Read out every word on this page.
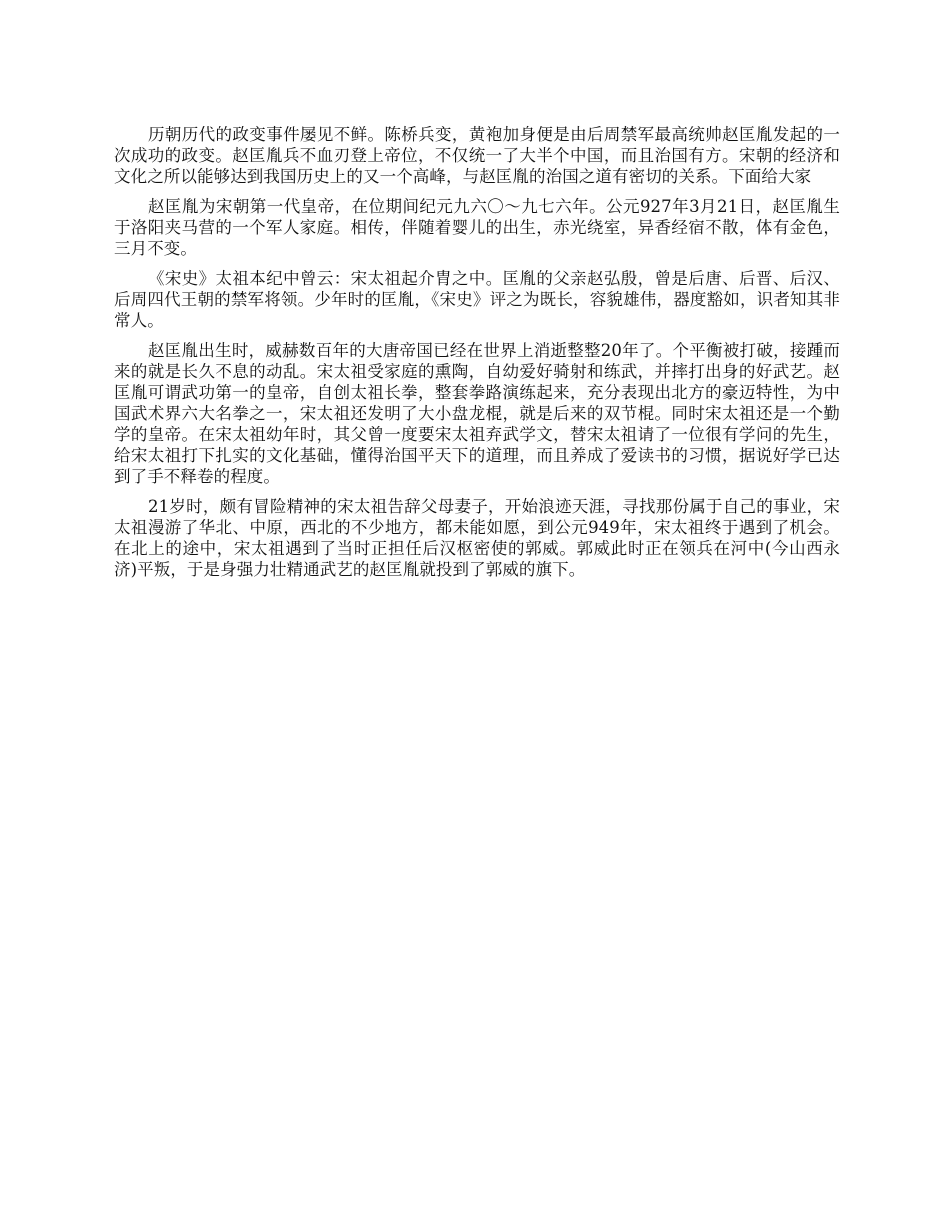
历朝历代的政变事件屡见不鲜。陈桥兵变，黄袍加身便是由后周禁军最高统帅赵匡胤发起的一次成功的政变。赵匡胤兵不血刃登上帝位，不仅统一了大半个中国，而且治国有方。宋朝的经济和文化之所以能够达到我国历史上的又一个高峰，与赵匡胤的治国之道有密切的关系。下面给大家

赵匡胤为宋朝第一代皇帝，在位期间纪元九六〇～九七六年。公元927年3月21日，赵匡胤生于洛阳夹马营的一个军人家庭。相传，伴随着婴儿的出生，赤光绕室，异香经宿不散，体有金色，三月不变。

《宋史》太祖本纪中曾云：宋太祖起介胄之中。匡胤的父亲赵弘殷，曾是后唐、后晋、后汉、后周四代王朝的禁军将领。少年时的匡胤，《宋史》评之为既长，容貌雄伟，器度豁如，识者知其非常人。

赵匡胤出生时，威赫数百年的大唐帝国已经在世界上消逝整整20年了。个平衡被打破，接踵而来的就是长久不息的动乱。宋太祖受家庭的熏陶，自幼爱好骑射和练武，并摔打出身的好武艺。赵匡胤可谓武功第一的皇帝，自创太祖长拳，整套拳路演练起来，充分表现出北方的豪迈特性，为中国武术界六大名拳之一，宋太祖还发明了大小盘龙棍，就是后来的双节棍。同时宋太祖还是一个勤学的皇帝。在宋太祖幼年时，其父曾一度要宋太祖弃武学文，替宋太祖请了一位很有学问的先生，给宋太祖打下扎实的文化基础，懂得治国平天下的道理，而且养成了爱读书的习惯，据说好学已达到了手不释卷的程度。

21岁时，颇有冒险精神的宋太祖告辞父母妻子，开始浪迹天涯，寻找那份属于自己的事业，宋太祖漫游了华北、中原，西北的不少地方，都未能如愿，到公元949年，宋太祖终于遇到了机会。在北上的途中，宋太祖遇到了当时正担任后汉枢密使的郭威。郭威此时正在领兵在河中(今山西永济)平叛，于是身强力壮精通武艺的赵匡胤就投到了郭威的旗下。
